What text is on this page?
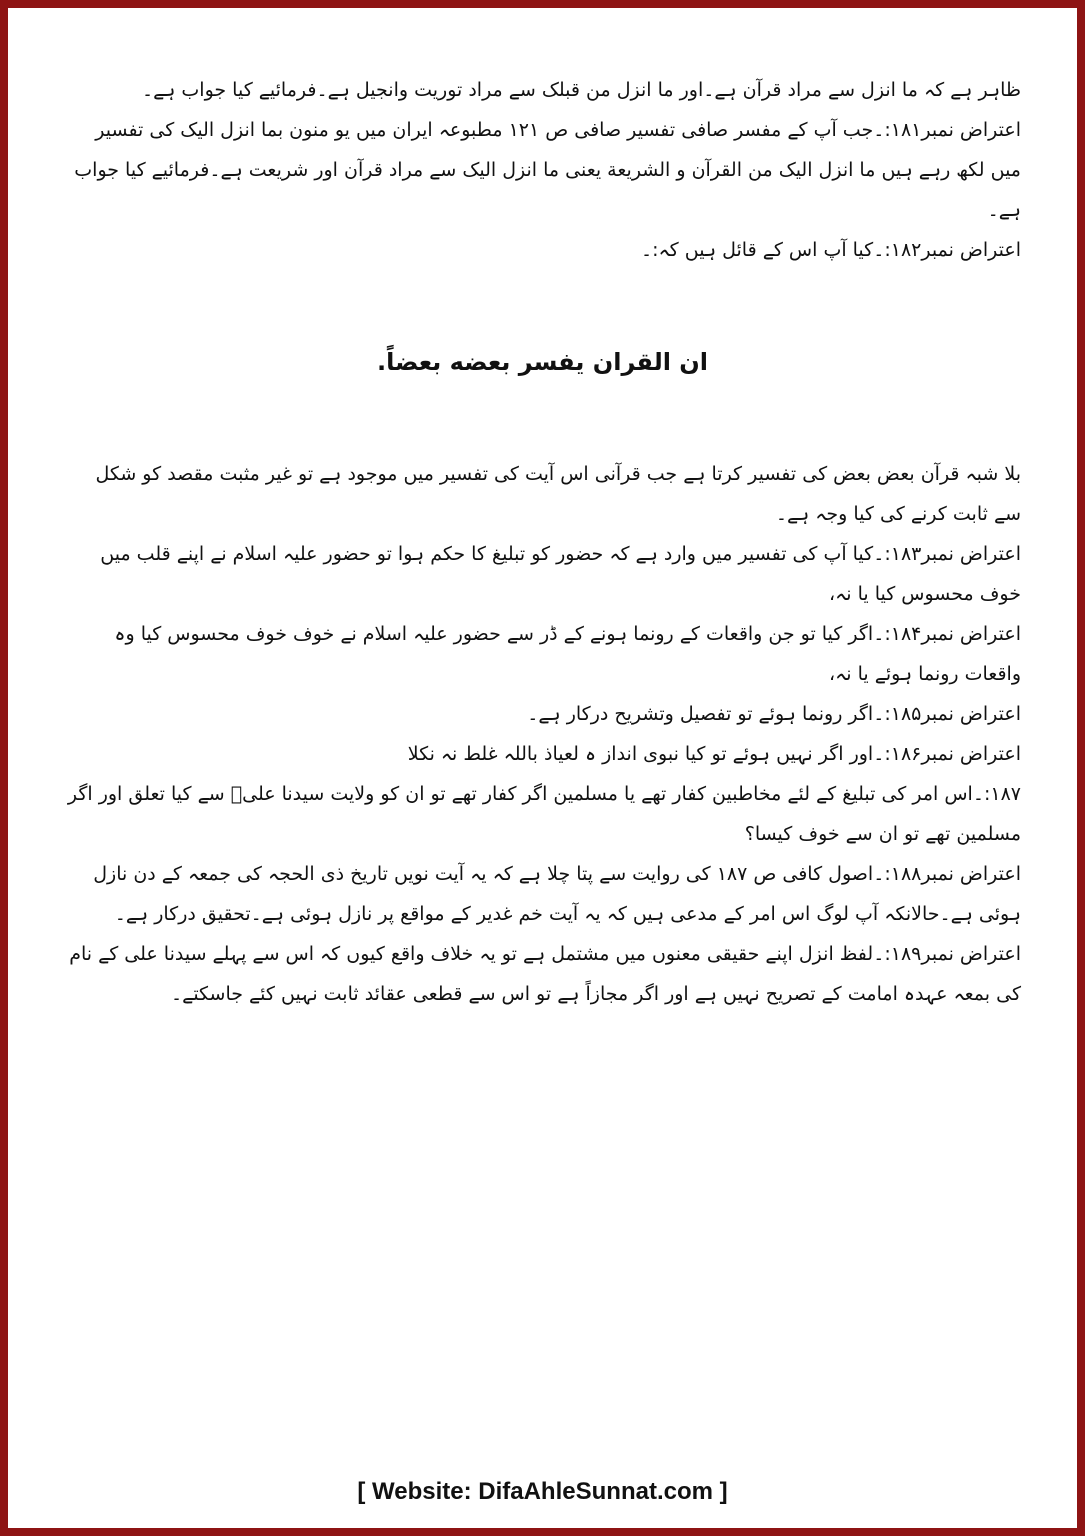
ظاہر ہے کہ ما انزل سے مراد قرآن ہے۔اور ما انزل من قبلک سے مراد توریت وانجیل ہے۔فرمائیے کیا جواب ہے۔

اعتراض نمبر۱۸۱:۔جب آپ کے مفسر صافی تفسیر صافی ص ۱۲۱ مطبوعہ ایران میں یو منون بما انزل الیک کی تفسیر میں لکھ رہے ہیں ما انزل الیک من القرآن و الشریعة یعنی ما انزل الیک سے مراد قرآن اور شریعت ہے۔فرمائیے کیا جواب ہے۔

اعتراض نمبر۱۸۲:۔کیا آپ اس کے قائل ہیں کہ:۔

ان القران یفسر بعضه بعضاً.

بلا شبہ قرآن بعض بعض کی تفسیر کرتا ہے جب قرآنی اس آیت کی تفسیر میں موجود ہے تو غیر مثبت مقصد کو شکل سے ثابت کرنے کی کیا وجہ ہے۔

اعتراض نمبر۱۸۳:۔کیا آپ کی تفسیر میں وارد ہے کہ حضور کو تبلیغ کا حکم ہوا تو حضور علیہ اسلام نے اپنے قلب میں خوف محسوس کیا یا نہ،

اعتراض نمبر۱۸۴:۔اگر کیا تو جن واقعات کے رونما ہونے کے ڈر سے حضور علیہ اسلام نے خوف خوف محسوس کیا وہ واقعات رونما ہوئے یا نہ،

اعتراض نمبر۱۸۵:۔اگر رونما ہوئے تو تفصیل وتشریح درکار ہے۔

اعتراض نمبر۱۸۶:۔اور اگر نہیں ہوئے تو کیا نبوی انداز ہ لعیاذ باللہ غلط نہ نکلا

۱۸۷:۔اس امر کی تبلیغ کے لئے مخاطبین کفار تھے یا مسلمین اگر کفار تھے تو ان کو ولایت سیدنا علیؓ سے کیا تعلق اور اگر مسلمین تھے تو ان سے خوف کیسا؟

اعتراض نمبر۱۸۸:۔اصول کافی ص ۱۸۷ کی روایت سے پتا چلا ہے کہ یہ آیت نویں تاریخ ذی الحجہ کی جمعہ کے دن نازل ہوئی ہے۔حالانکہ آپ لوگ اس امر کے مدعی ہیں کہ یہ آیت خم غدیر کے مواقع پر نازل ہوئی ہے۔تحقیق درکار ہے۔

اعتراض نمبر۱۸۹:۔لفظ انزل اپنے حقیقی معنوں میں مشتمل ہے تو یہ خلاف واقع کیوں کہ اس سے پہلے سیدنا علی کے نام کی بمعہ عہدہ امامت کے تصریح نہیں ہے اور اگر مجازاً ہے تو اس سے قطعی عقائد ثابت نہیں کئے جاسکتے۔

[ Website: DifaAhleSunnat.com ]
